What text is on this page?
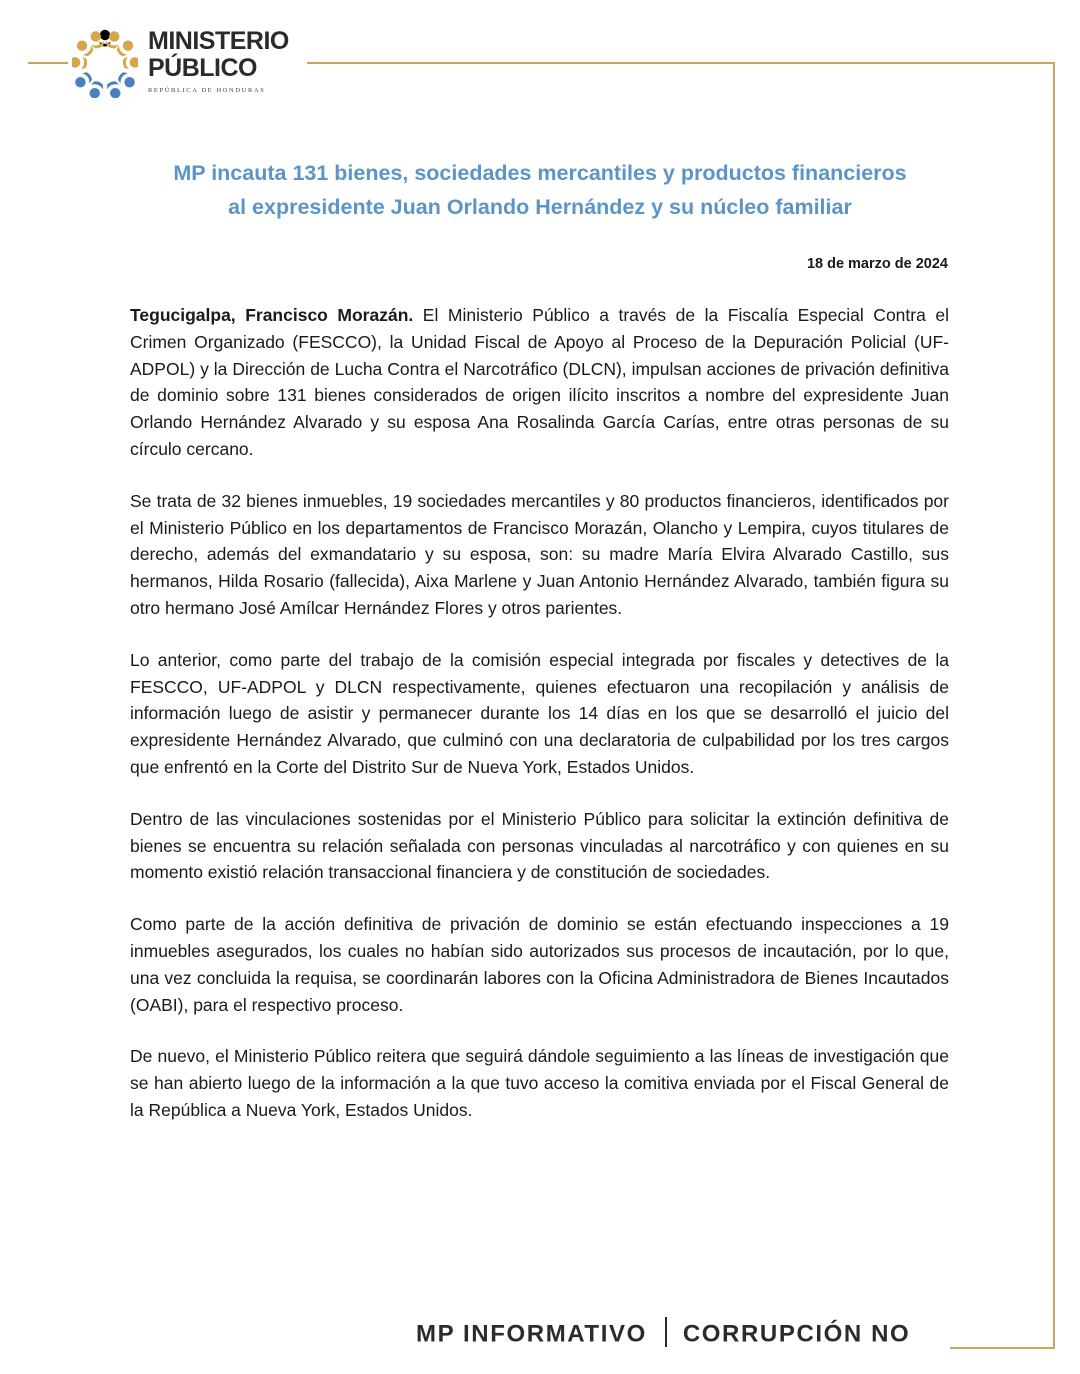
MINISTERIO
PÚBLICO
REPÚBLICA DE HONDURAS
MP incauta 131 bienes, sociedades mercantiles y productos financieros
al expresidente Juan Orlando Hernández y su núcleo familiar
18 de marzo de 2024

Tegucigalpa, Francisco Morazán. El Ministerio Público a través de la Fiscalía Especial Contra el Crimen Organizado (FESCCO), la Unidad Fiscal de Apoyo al Proceso de la Depuración Policial (UF-ADPOL) y la Dirección de Lucha Contra el Narcotráfico (DLCN), impulsan acciones de privación definitiva de dominio sobre 131 bienes considerados de origen ilícito inscritos a nombre del expresidente Juan Orlando Hernández Alvarado y su esposa Ana Rosalinda García Carías, entre otras personas de su círculo cercano.

Se trata de 32 bienes inmuebles, 19 sociedades mercantiles y 80 productos financieros, identificados por el Ministerio Público en los departamentos de Francisco Morazán, Olancho y Lempira, cuyos titulares de derecho, además del exmandatario y su esposa, son: su madre María Elvira Alvarado Castillo, sus hermanos, Hilda Rosario (fallecida), Aixa Marlene y Juan Antonio Hernández Alvarado, también figura su otro hermano José Amílcar Hernández Flores y otros parientes.

Lo anterior, como parte del trabajo de la comisión especial integrada por fiscales y detectives de la FESCCO, UF-ADPOL y DLCN respectivamente, quienes efectuaron una recopilación y análisis de información luego de asistir y permanecer durante los 14 días en los que se desarrolló el juicio del expresidente Hernández Alvarado, que culminó con una declaratoria de culpabilidad por los tres cargos que enfrentó en la Corte del Distrito Sur de Nueva York, Estados Unidos.

Dentro de las vinculaciones sostenidas por el Ministerio Público para solicitar la extinción definitiva de bienes se encuentra su relación señalada con personas vinculadas al narcotráfico y con quienes en su momento existió relación transaccional financiera y de constitución de sociedades.

Como parte de la acción definitiva de privación de dominio se están efectuando inspecciones a 19 inmuebles asegurados, los cuales no habían sido autorizados sus procesos de incautación, por lo que, una vez concluida la requisa, se coordinarán labores con la Oficina Administradora de Bienes Incautados (OABI), para el respectivo proceso.

De nuevo, el Ministerio Público reitera que seguirá dándole seguimiento a las líneas de investigación que se han abierto luego de la información a la que tuvo acceso la comitiva enviada por el Fiscal General de la República a Nueva York, Estados Unidos.

MP INFORMATIVO CORRUPCIÓN NO
